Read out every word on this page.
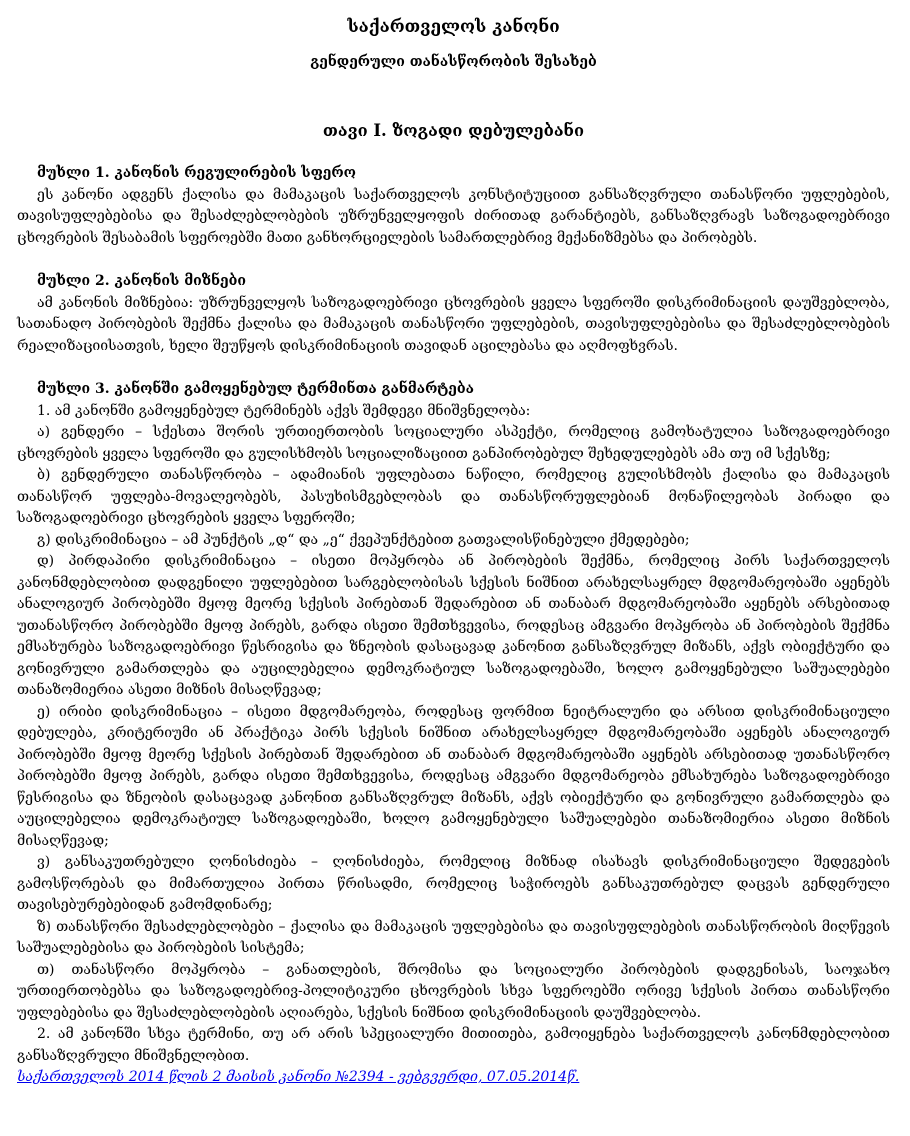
საქართველოს კანონი
გენდერული თანასწორობის შესახებ
თავი I. ზოგადი დებულებანი

მუხლი 1. კანონის რეგულირების სფერო

ეს კანონი ადგენს ქალისა და მამაკაცის საქართველოს კონსტიტუციით განსაზღვრული თანასწორი უფლებების, თავისუფლებებისა და შესაძლებლობების უზრუნველყოფის ძირითად გარანტიებს, განსაზღვრავს საზოგადოებრივი ცხოვრების შესაბამის სფეროებში მათი განხორციელების სამართლებრივ მექანიზმებსა და პირობებს.

მუხლი 2. კანონის მიზნები

ამ კანონის მიზნებია: უზრუნველყოს საზოგადოებრივი ცხოვრების ყველა სფეროში დისკრიმინაციის დაუშვებლობა, სათანადო პირობების შექმნა ქალისა და მამაკაცის თანასწორი უფლებების, თავისუფლებებისა და შესაძლებლობების რეალიზაციისათვის, ხელი შეუწყოს დისკრიმინაციის თავიდან აცილებასა და აღმოფხვრას.

მუხლი 3. კანონში გამოყენებულ ტერმინთა განმარტება

1. ამ კანონში გამოყენებულ ტერმინებს აქვს შემდეგი მნიშვნელობა:

ა) გენდერი – სქესთა შორის ურთიერთობის სოციალური ასპექტი, რომელიც გამოხატულია საზოგადოებრივი ცხოვრების ყველა სფეროში და გულისხმობს სოციალიზაციით განპირობებულ შეხედულებებს ამა თუ იმ სქესზე;

ბ) გენდერული თანასწორობა – ადამიანის უფლებათა ნაწილი, რომელიც გულისხმობს ქალისა და მამაკაცის თანასწორ უფლება-მოვალეობებს, პასუხისმგებლობას და თანასწორუფლებიან მონაწილეობას პირადი და საზოგადოებრივი ცხოვრების ყველა სფეროში;

გ) დისკრიმინაცია – ამ პუნქტის „დ“ და „ე“ ქვეპუნქტებით გათვალისწინებული ქმედებები;

დ) პირდაპირი დისკრიმინაცია – ისეთი მოპყრობა ან პირობების შექმნა, რომელიც პირს საქართველოს კანონმდებლობით დადგენილი უფლებებით სარგებლობისას სქესის ნიშნით არახელსაყრელ მდგომარეობაში აყენებს ანალოგიურ პირობებში მყოფ მეორე სქესის პირებთან შედარებით ან თანაბარ მდგომარეობაში აყენებს არსებითად უთანასწორო პირობებში მყოფ პირებს, გარდა ისეთი შემთხვევისა, როდესაც ამგვარი მოპყრობა ან პირობების შექმნა ემსახურება საზოგადოებრივი წესრიგისა და ზნეობის დასაცავად კანონით განსაზღვრულ მიზანს, აქვს ობიექტური და გონივრული გამართლება და აუცილებელია დემოკრატიულ საზოგადოებაში, ხოლო გამოყენებული საშუალებები თანაზომიერია ასეთი მიზნის მისაღწევად;

ე) ირიბი დისკრიმინაცია – ისეთი მდგომარეობა, როდესაც ფორმით ნეიტრალური და არსით დისკრიმინაციული დებულება, კრიტერიუმი ან პრაქტიკა პირს სქესის ნიშნით არახელსაყრელ მდგომარეობაში აყენებს ანალოგიურ პირობებში მყოფ მეორე სქესის პირებთან შედარებით ან თანაბარ მდგომარეობაში აყენებს არსებითად უთანასწორო პირობებში მყოფ პირებს, გარდა ისეთი შემთხვევისა, როდესაც ამგვარი მდგომარეობა ემსახურება საზოგადოებრივი წესრიგისა და ზნეობის დასაცავად კანონით განსაზღვრულ მიზანს, აქვს ობიექტური და გონივრული გამართლება და აუცილებელია დემოკრატიულ საზოგადოებაში, ხოლო გამოყენებული საშუალებები თანაზომიერია ასეთი მიზნის მისაღწევად;

ვ) განსაკუთრებული ღონისძიება – ღონისძიება, რომელიც მიზნად ისახავს დისკრიმინაციული შედეგების გამოსწორებას და მიმართულია პირთა წრისადმი, რომელიც საჭიროებს განსაკუთრებულ დაცვას გენდერული თავისებურებებიდან გამომდინარე;

ზ) თანასწორი შესაძლებლობები – ქალისა და მამაკაცის უფლებებისა და თავისუფლებების თანასწორობის მიღწევის საშუალებებისა და პირობების სისტემა;

თ) თანასწორი მოპყრობა – განათლების, შრომისა და სოციალური პირობების დადგენისას, საოჯახო ურთიერთობებსა და საზოგადოებრივ-პოლიტიკური ცხოვრების სხვა სფეროებში ორივე სქესის პირთა თანასწორი უფლებებისა და შესაძლებლობების აღიარება, სქესის ნიშნით დისკრიმინაციის დაუშვებლობა.

2. ამ კანონში სხვა ტერმინი, თუ არ არის სპეციალური მითითება, გამოიყენება საქართველოს კანონმდებლობით განსაზღვრული მნიშვნელობით.

საქართველოს 2014 წლის 2 მაისის კანონი №2394 - ვებგვერდი, 07.05.2014წ.
